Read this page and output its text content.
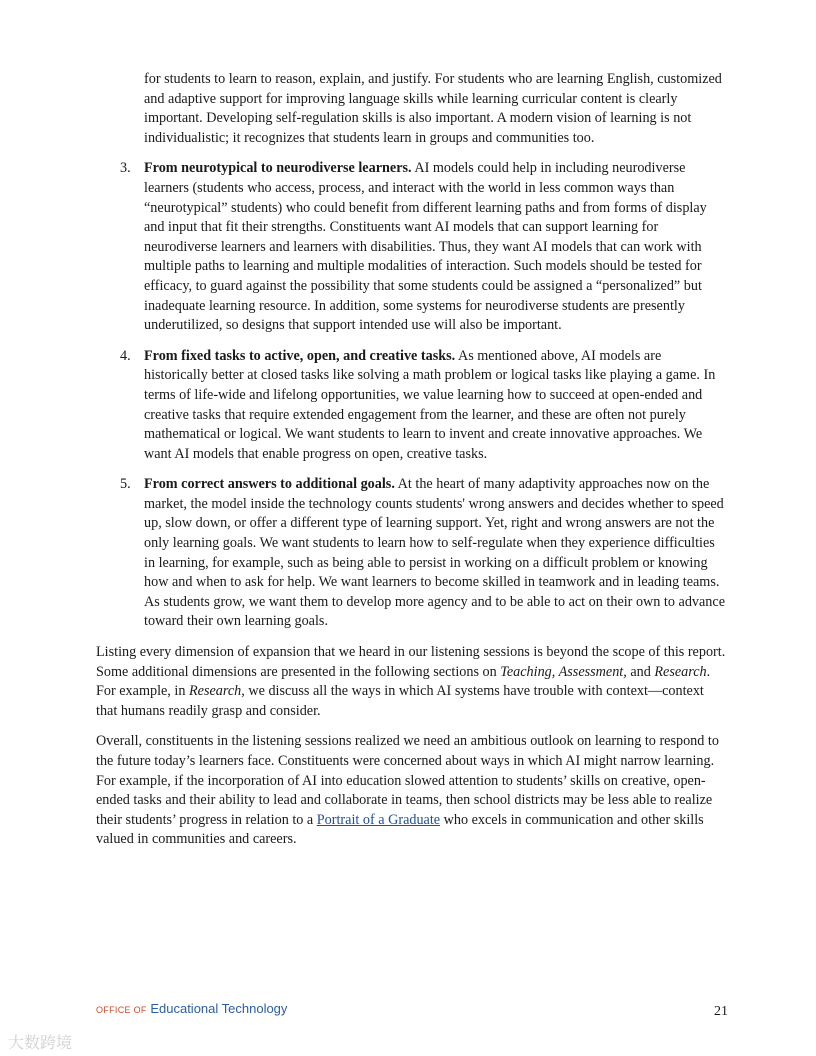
for students to learn to reason, explain, and justify. For students who are learning English, customized and adaptive support for improving language skills while learning curricular content is clearly important. Developing self-regulation skills is also important. A modern vision of learning is not individualistic; it recognizes that students learn in groups and communities too.

3. From neurotypical to neurodiverse learners. AI models could help in including neurodiverse learners (students who access, process, and interact with the world in less common ways than “neurotypical” students) who could benefit from different learning paths and from forms of display and input that fit their strengths. Constituents want AI models that can support learning for neurodiverse learners and learners with disabilities. Thus, they want AI models that can work with multiple paths to learning and multiple modalities of interaction. Such models should be tested for efficacy, to guard against the possibility that some students could be assigned a “personalized” but inadequate learning resource. In addition, some systems for neurodiverse students are presently underutilized, so designs that support intended use will also be important.

4. From fixed tasks to active, open, and creative tasks. As mentioned above, AI models are historically better at closed tasks like solving a math problem or logical tasks like playing a game. In terms of life-wide and lifelong opportunities, we value learning how to succeed at open-ended and creative tasks that require extended engagement from the learner, and these are often not purely mathematical or logical. We want students to learn to invent and create innovative approaches. We want AI models that enable progress on open, creative tasks.

5. From correct answers to additional goals. At the heart of many adaptivity approaches now on the market, the model inside the technology counts students' wrong answers and decides whether to speed up, slow down, or offer a different type of learning support. Yet, right and wrong answers are not the only learning goals. We want students to learn how to self-regulate when they experience difficulties in learning, for example, such as being able to persist in working on a difficult problem or knowing how and when to ask for help. We want learners to become skilled in teamwork and in leading teams. As students grow, we want them to develop more agency and to be able to act on their own to advance toward their own learning goals.

Listing every dimension of expansion that we heard in our listening sessions is beyond the scope of this report. Some additional dimensions are presented in the following sections on Teaching, Assessment, and Research. For example, in Research, we discuss all the ways in which AI systems have trouble with context—context that humans readily grasp and consider.

Overall, constituents in the listening sessions realized we need an ambitious outlook on learning to respond to the future today’s learners face. Constituents were concerned about ways in which AI might narrow learning. For example, if the incorporation of AI into education slowed attention to students’ skills on creative, open-ended tasks and their ability to lead and collaborate in teams, then school districts may be less able to realize their students’ progress in relation to a Portrait of a Graduate who excels in communication and other skills valued in communities and careers.

OFFICE OF Educational Technology	21
大数跨境
